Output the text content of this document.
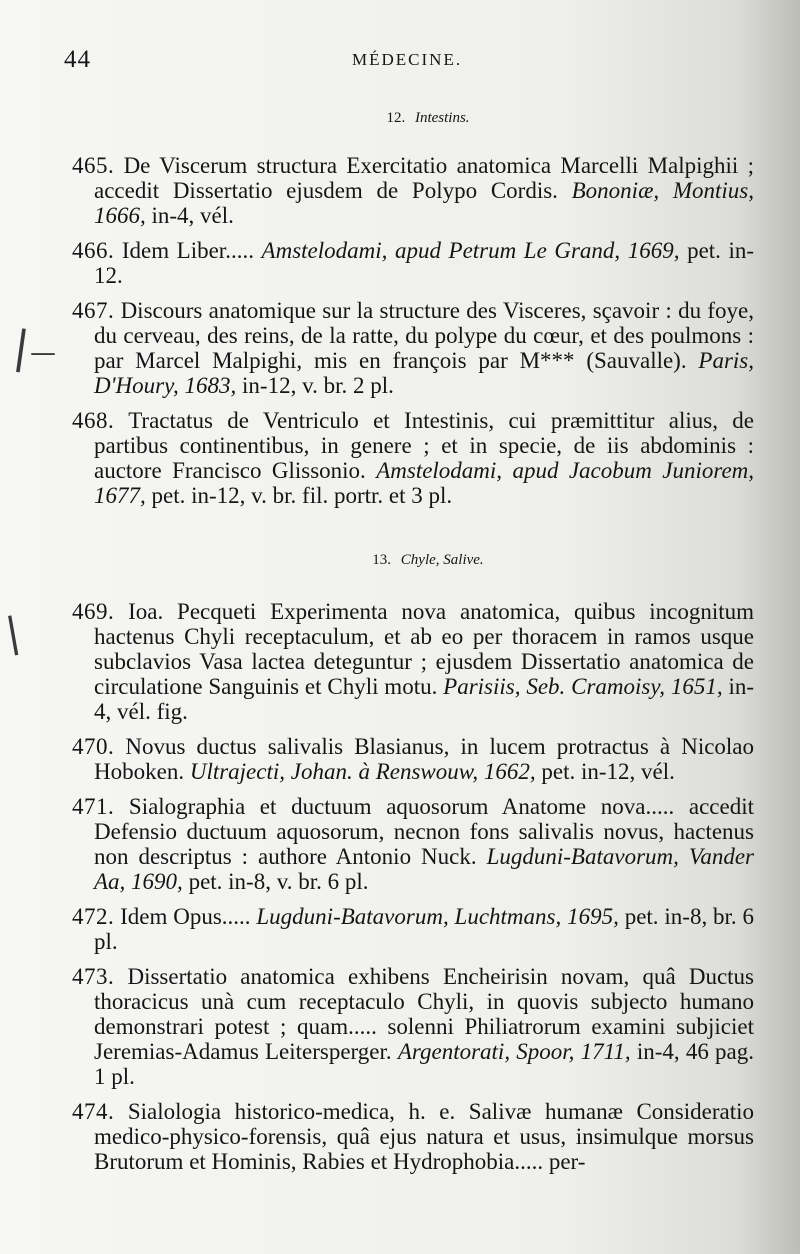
44	MÉDECINE.
12. Intestins.

465. De Viscerum structura Exercitatio anatomica Marcelli Malpighii ; accedit Dissertatio ejusdem de Polypo Cordis. Bononiæ, Montius, 1666, in-4, vél.

466. Idem Liber..... Amstelodami, apud Petrum Le Grand, 1669, pet. in-12.

467. Discours anatomique sur la structure des Visceres, sçavoir : du foye, du cerveau, des reins, de la ratte, du polype du cœur, et des poulmons : par Marcel Malpighi, mis en françois par M*** (Sauvalle). Paris, D'Houry, 1683, in-12, v. br. 2 pl.

468. Tractatus de Ventriculo et Intestinis, cui præmittitur alius, de partibus continentibus, in genere ; et in specie, de iis abdominis : auctore Francisco Glissonio. Amstelodami, apud Jacobum Juniorem, 1677, pet. in-12, v. br. fil. portr. et 3 pl.

13. Chyle, Salive.

469. Ioa. Pecqueti Experimenta nova anatomica, quibus incognitum hactenus Chyli receptaculum, et ab eo per thoracem in ramos usque subclavios Vasa lactea deteguntur ; ejusdem Dissertatio anatomica de circulatione Sanguinis et Chyli motu. Parisiis, Seb. Cramoisy, 1651, in-4, vél. fig.

470. Novus ductus salivalis Blasianus, in lucem protractus à Nicolao Hoboken. Ultrajecti, Johan. à Renswouw, 1662, pet. in-12, vél.

471. Sialographia et ductuum aquosorum Anatome nova..... accedit Defensio ductuum aquosorum, necnon fons salivalis novus, hactenus non descriptus : authore Antonio Nuck. Lugduni-Batavorum, Vander Aa, 1690, pet. in-8, v. br. 6 pl.

472. Idem Opus..... Lugduni-Batavorum, Luchtmans, 1695, pet. in-8, br. 6 pl.

473. Dissertatio anatomica exhibens Encheirisin novam, quâ Ductus thoracicus unà cum receptaculo Chyli, in quovis subjecto humano demonstrari potest ; quam..... solenni Philiatrorum examini subjiciet Jeremias-Adamus Leitersperger. Argentorati, Spoor, 1711, in-4, 46 pag. 1 pl.

474. Sialologia historico-medica, h. e. Salivæ humanæ Consideratio medico-physico-forensis, quâ ejus natura et usus, insimulque morsus Brutorum et Hominis, Rabies et Hydrophobia..... per-

|
—
|
